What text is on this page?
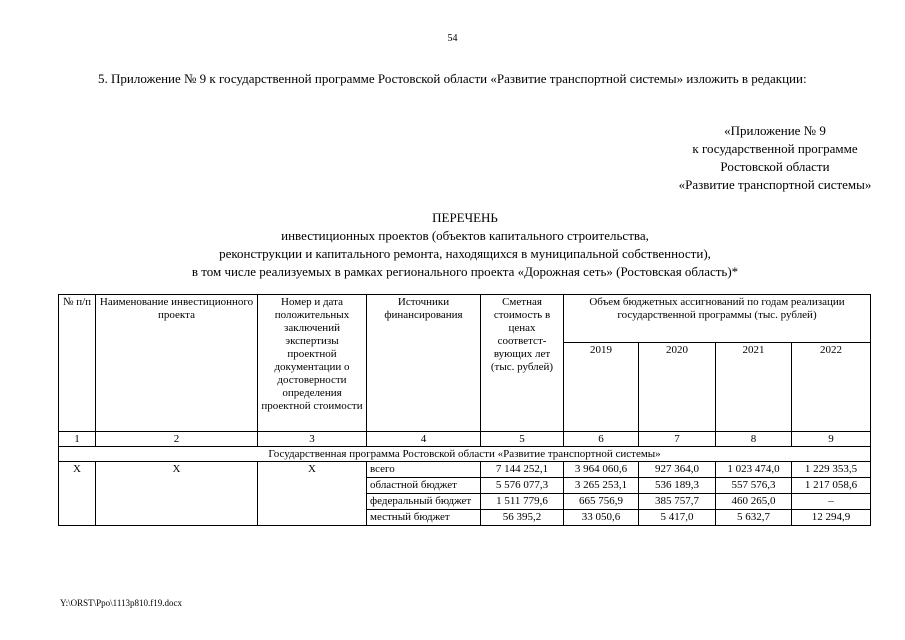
54
5. Приложение № 9 к государственной программе Ростовской области «Развитие транспортной системы» изложить в редакции:
«Приложение № 9
к государственной программе
Ростовской области
«Развитие транспортной системы»
ПЕРЕЧЕНЬ
инвестиционных проектов (объектов капитального строительства,
реконструкции и капитального ремонта, находящихся в муниципальной собственности),
в том числе реализуемых в рамках регионального проекта «Дорожная сеть» (Ростовская область)*
№ п/п	Наименование инвестиционного проекта	Номер и дата положительных заключений экспертизы проектной документации о достоверности определения проектной стоимости	Источники финансирования	Сметная стоимость в ценах соответст-вующих лет (тыс. рублей)	Объем бюджетных ассигнований по годам реализации государственной программы (тыс. рублей)			
					2019	2020	2021	2022
1	2	3	4	5	6	7	8	9
Государственная программа Ростовской области «Развитие транспортной системы»								
Х	Х	Х	всего	7 144 252,1	3 964 060,6	927 364,0	1 023 474,0	1 229 353,5
			областной бюджет	5 576 077,3	3 265 253,1	536 189,3	557 576,3	1 217 058,6
			федеральный бюджет	1 511 779,6	665 756,9	385 757,7	460 265,0	–
			местный бюджет	56 395,2	33 050,6	5 417,0	5 632,7	12 294,9
Y:\ORST\Ppo\1113p810.f19.docx
